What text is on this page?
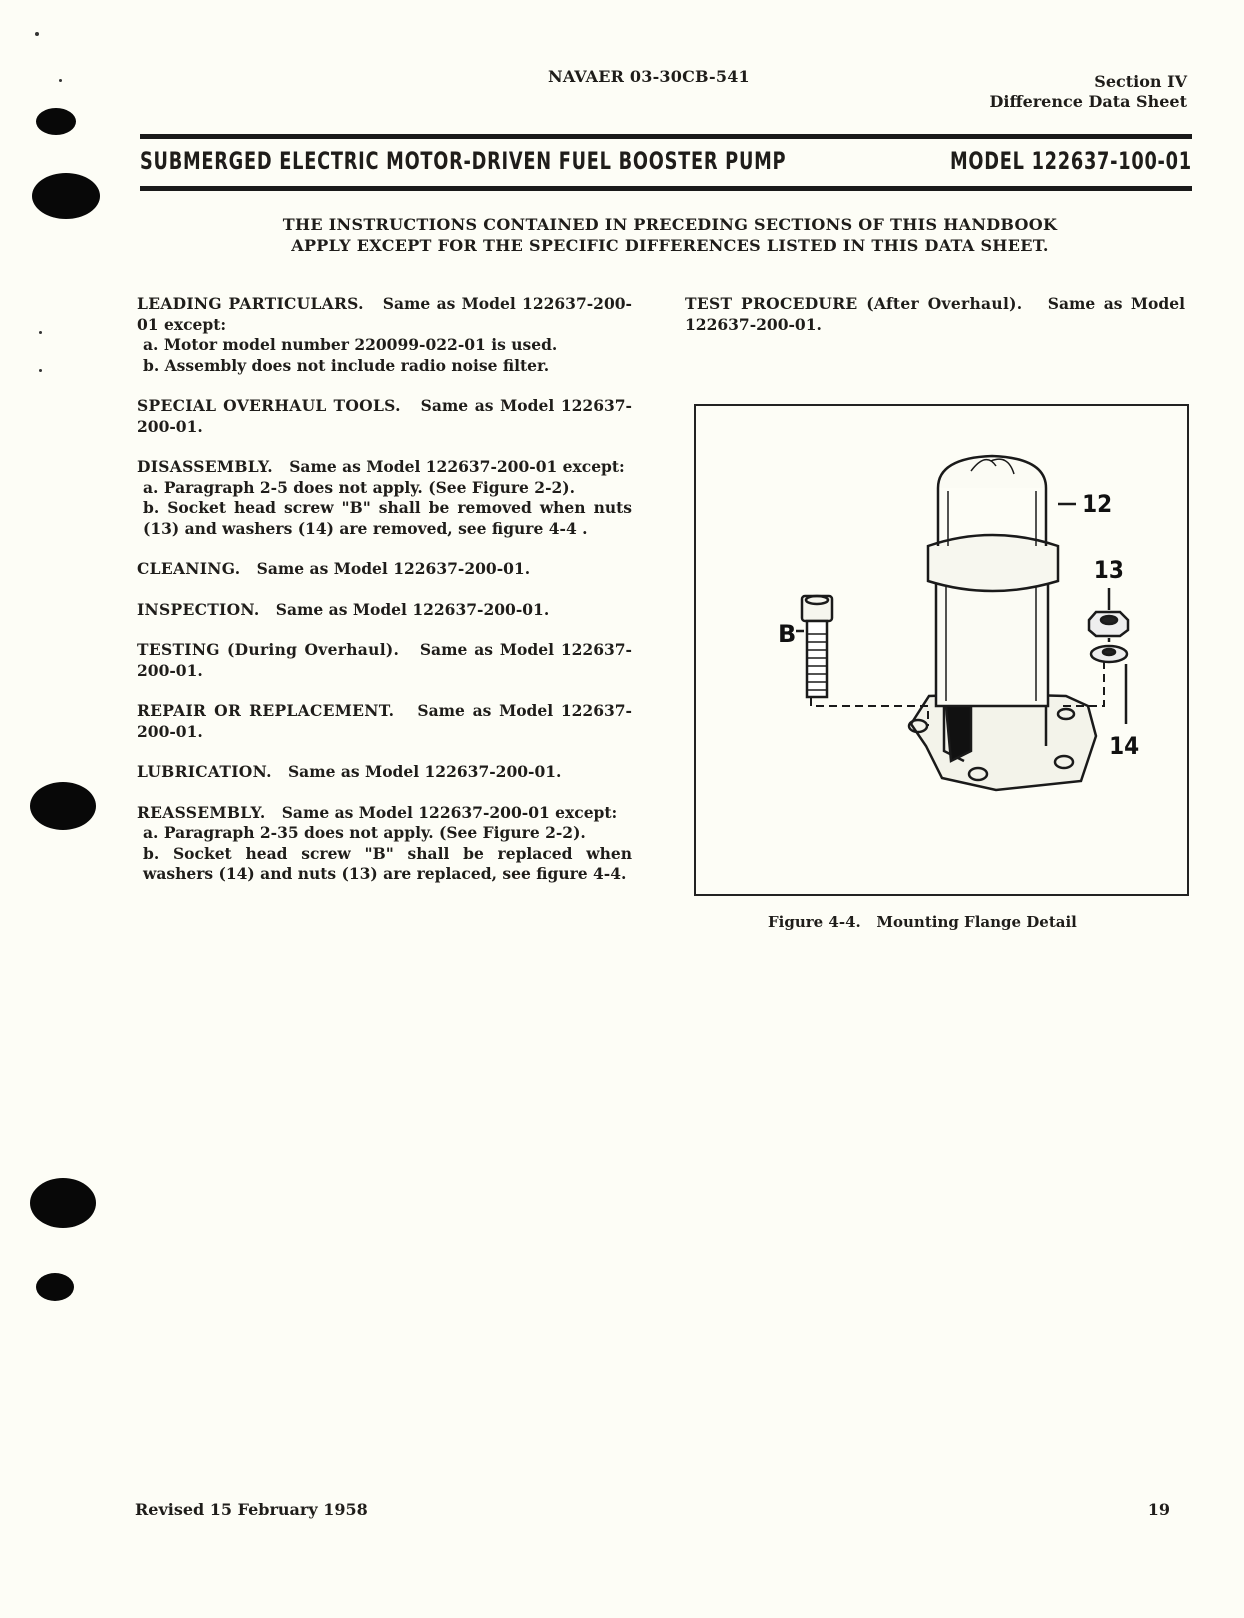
NAVAER 03-30CB-541	Section IV
Difference Data Sheet
SUBMERGED ELECTRIC MOTOR-DRIVEN FUEL BOOSTER PUMP	MODEL 122637-100-01
THE INSTRUCTIONS CONTAINED IN PRECEDING SECTIONS OF THIS HANDBOOK
APPLY EXCEPT FOR THE SPECIFIC DIFFERENCES LISTED IN THIS DATA SHEET.
LEADING PARTICULARS. Same as Model 122637-200-01 except:
a. Motor model number 220099-022-01 is used.
b. Assembly does not include radio noise filter.
SPECIAL OVERHAUL TOOLS. Same as Model 122637-200-01.
DISASSEMBLY. Same as Model 122637-200-01 except:
a. Paragraph 2-5 does not apply. (See Figure 2-2).
b. Socket head screw "B" shall be removed when nuts (13) and washers (14) are removed, see figure 4-4 .
CLEANING. Same as Model 122637-200-01.
INSPECTION. Same as Model 122637-200-01.
TESTING (During Overhaul). Same as Model 122637-200-01.
REPAIR OR REPLACEMENT. Same as Model 122637-200-01.
LUBRICATION. Same as Model 122637-200-01.
REASSEMBLY. Same as Model 122637-200-01 except:
a. Paragraph 2-35 does not apply. (See Figure 2-2).
b. Socket head screw "B" shall be replaced when washers (14) and nuts (13) are replaced, see figure 4-4.
TEST PROCEDURE (After Overhaul). Same as Model 122637-200-01.
B
12
13
14
Figure 4-4.   Mounting Flange Detail
Revised 15 February 1958	19
